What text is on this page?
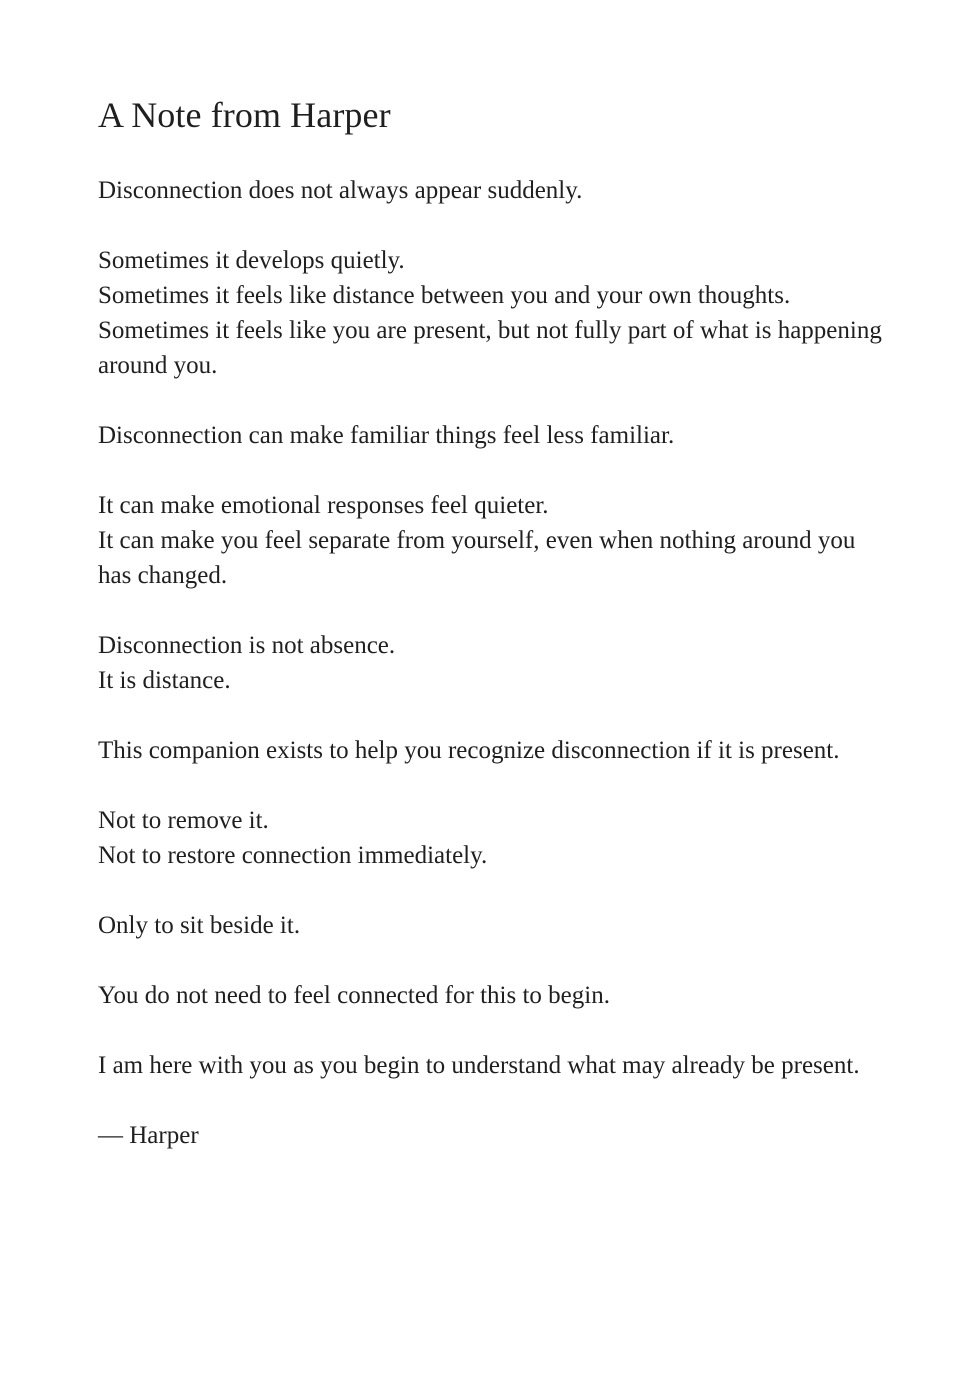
A Note from Harper

Disconnection does not always appear suddenly.

Sometimes it develops quietly.
Sometimes it feels like distance between you and your own thoughts.
Sometimes it feels like you are present, but not fully part of what is happening around you.

Disconnection can make familiar things feel less familiar.

It can make emotional responses feel quieter.
It can make you feel separate from yourself, even when nothing around you has changed.

Disconnection is not absence.
It is distance.

This companion exists to help you recognize disconnection if it is present.

Not to remove it.
Not to restore connection immediately.

Only to sit beside it.

You do not need to feel connected for this to begin.

I am here with you as you begin to understand what may already be present.

— Harper
